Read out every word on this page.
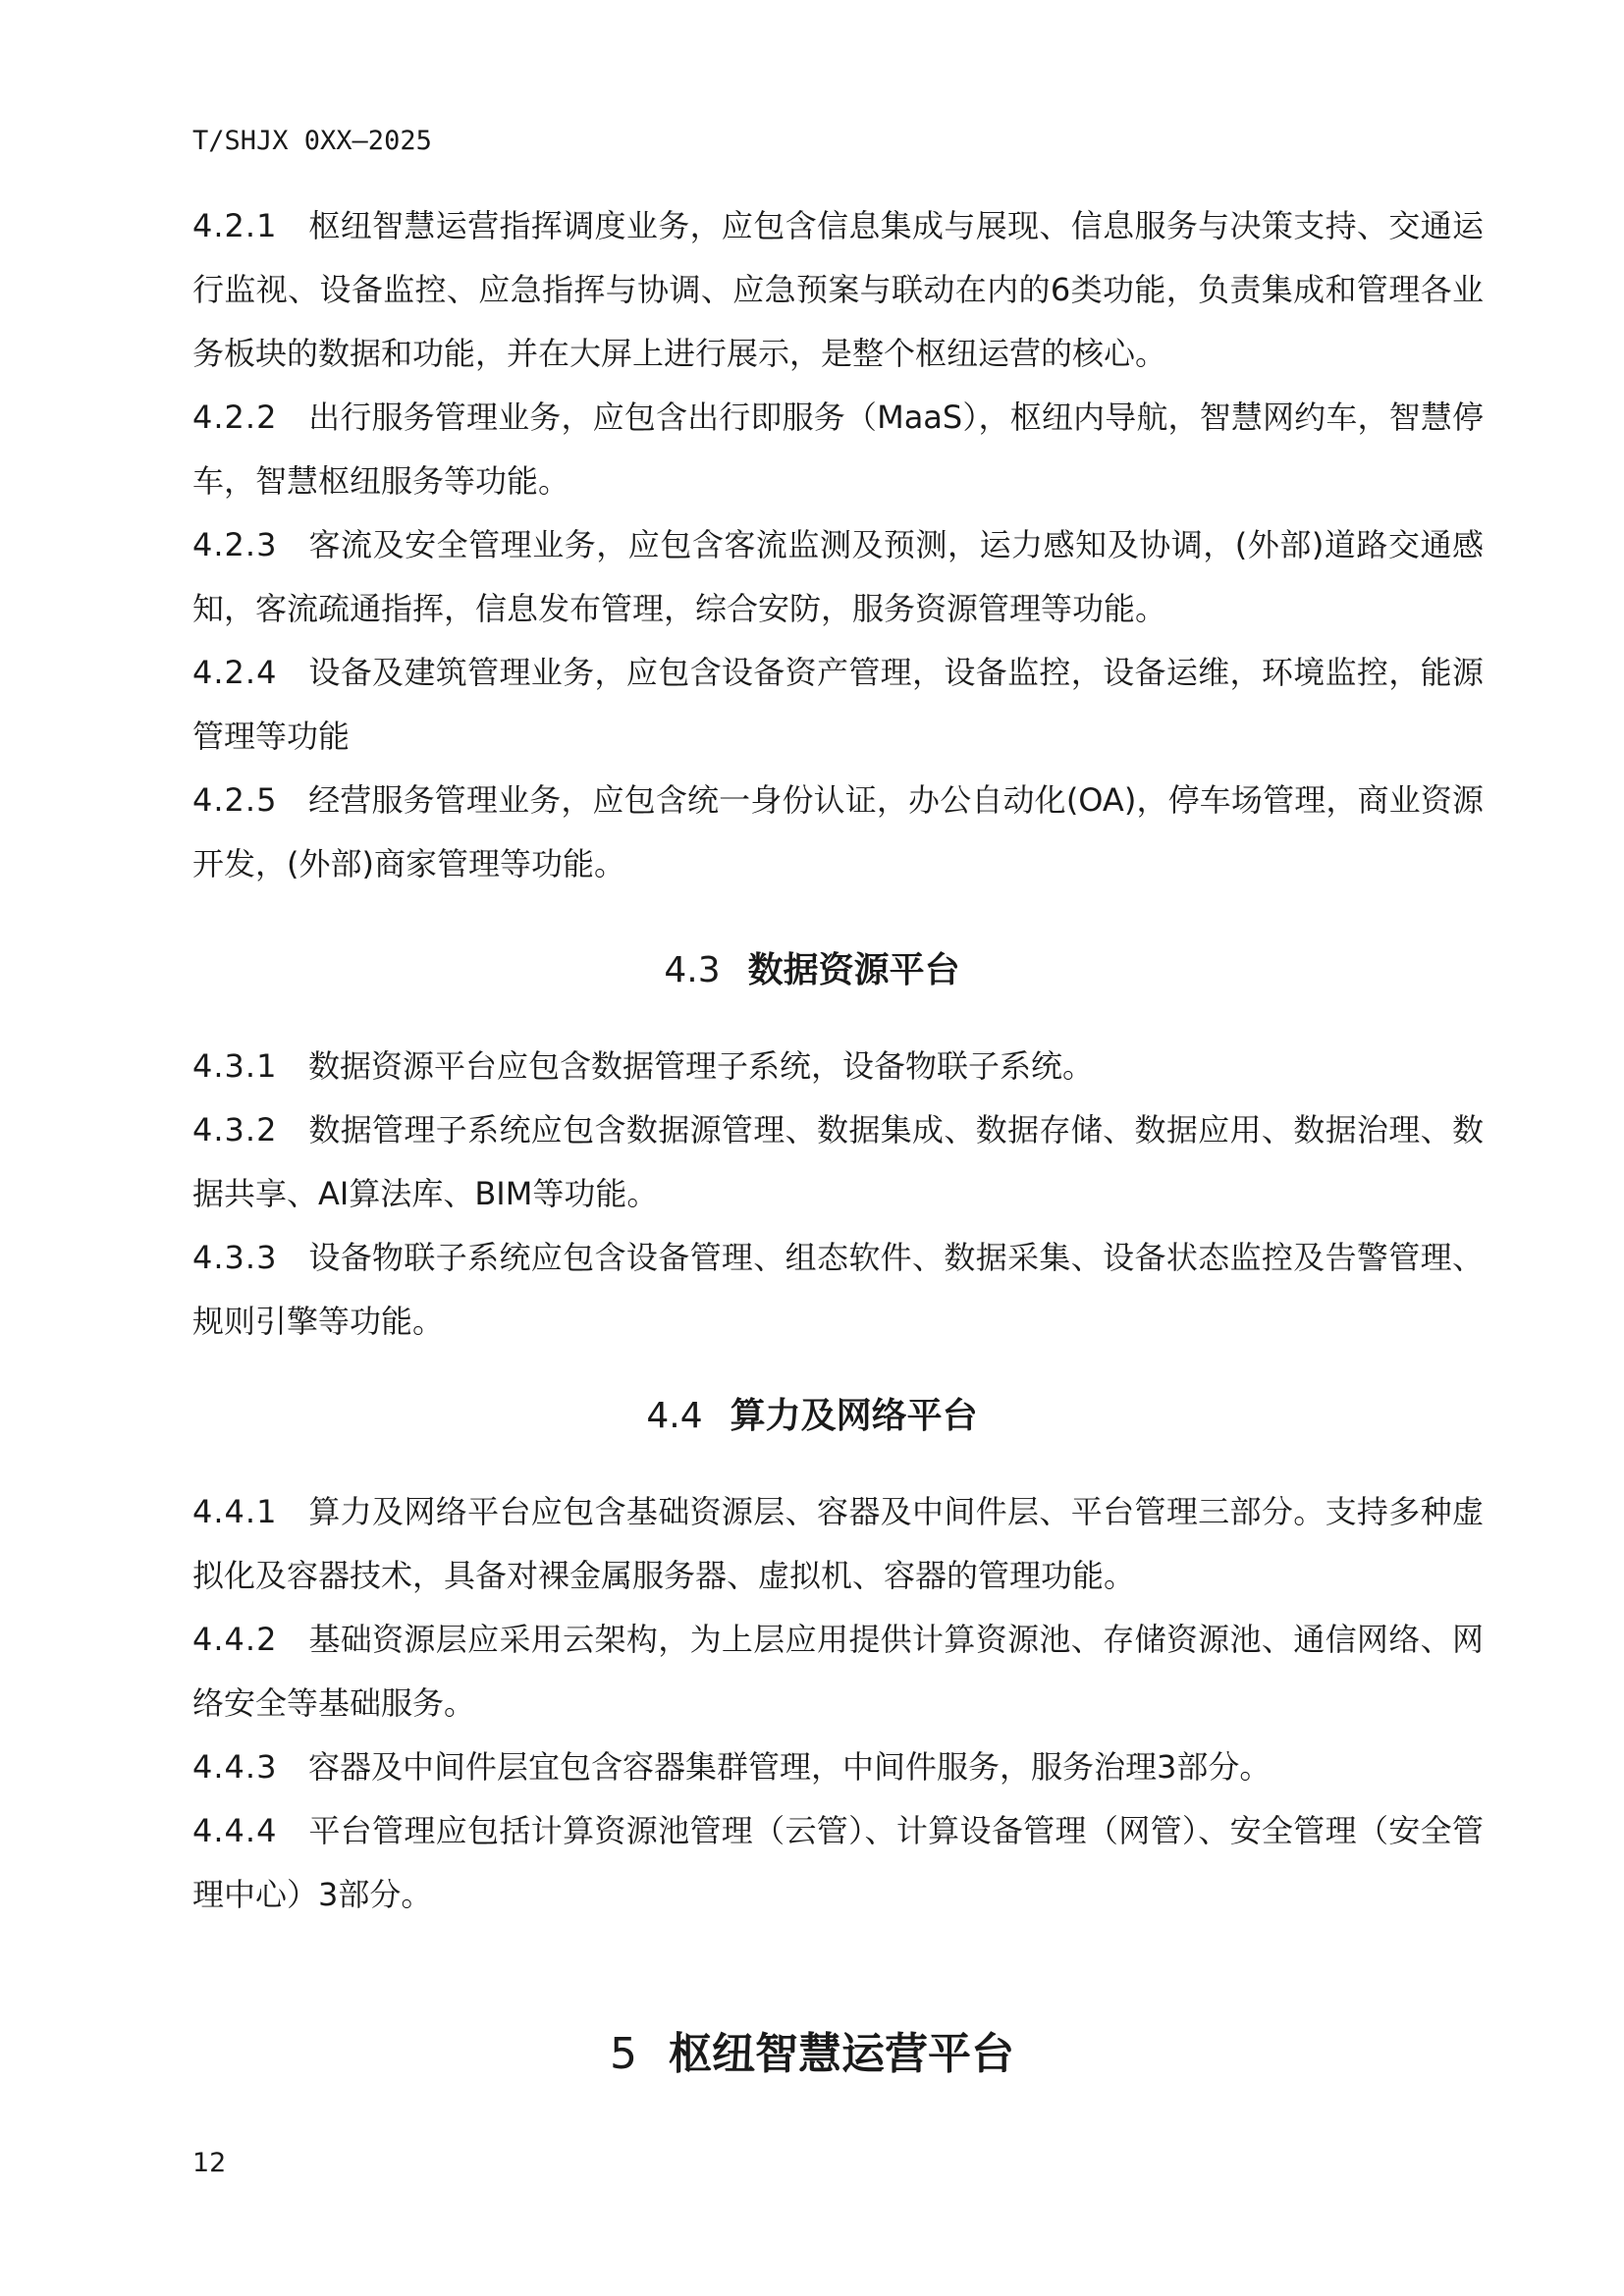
T/SHJX 0XX—2025

4.2.1 枢纽智慧运营指挥调度业务，应包含信息集成与展现、信息服务与决策支持、交通运行监视、设备监控、应急指挥与协调、应急预案与联动在内的6类功能，负责集成和管理各业务板块的数据和功能，并在大屏上进行展示，是整个枢纽运营的核心。

4.2.2 出行服务管理业务，应包含出行即服务（MaaS），枢纽内导航，智慧网约车，智慧停车，智慧枢纽服务等功能。

4.2.3 客流及安全管理业务，应包含客流监测及预测，运力感知及协调，(外部)道路交通感知，客流疏通指挥，信息发布管理，综合安防，服务资源管理等功能。

4.2.4 设备及建筑管理业务，应包含设备资产管理，设备监控，设备运维，环境监控，能源管理等功能

4.2.5 经营服务管理业务，应包含统一身份认证，办公自动化(OA)，停车场管理，商业资源开发，(外部)商家管理等功能。

4.3 数据资源平台

4.3.1 数据资源平台应包含数据管理子系统，设备物联子系统。

4.3.2 数据管理子系统应包含数据源管理、数据集成、数据存储、数据应用、数据治理、数据共享、AI算法库、BIM等功能。

4.3.3 设备物联子系统应包含设备管理、组态软件、数据采集、设备状态监控及告警管理、规则引擎等功能。

4.4 算力及网络平台

4.4.1 算力及网络平台应包含基础资源层、容器及中间件层、平台管理三部分。支持多种虚拟化及容器技术，具备对裸金属服务器、虚拟机、容器的管理功能。

4.4.2 基础资源层应采用云架构，为上层应用提供计算资源池、存储资源池、通信网络、网络安全等基础服务。

4.4.3 容器及中间件层宜包含容器集群管理，中间件服务，服务治理3部分。

4.4.4 平台管理应包括计算资源池管理（云管）、计算设备管理（网管）、安全管理（安全管理中心）3部分。

5 枢纽智慧运营平台
12
